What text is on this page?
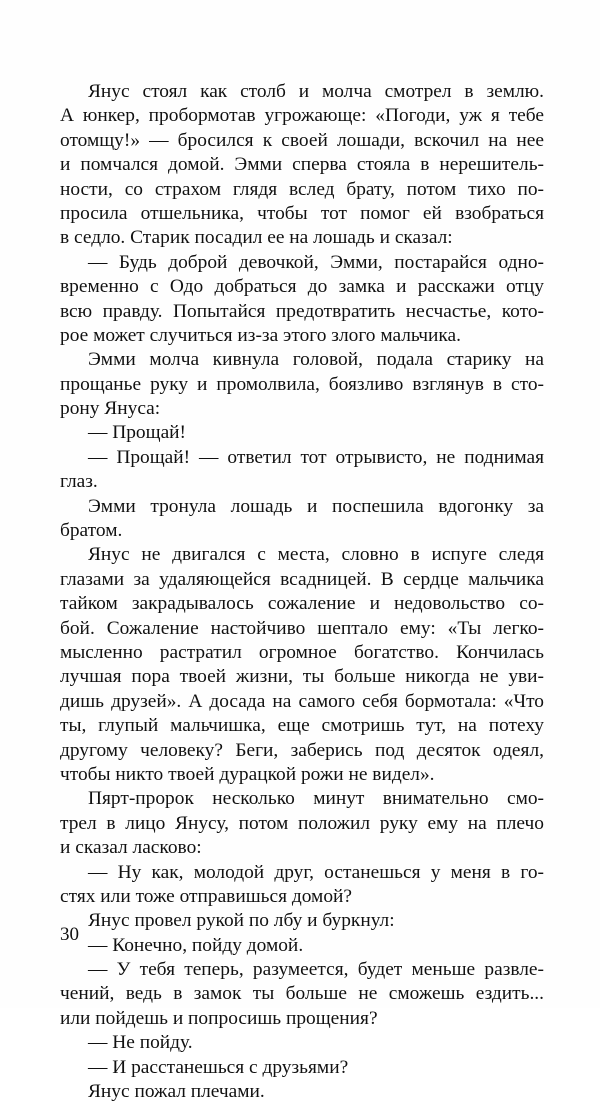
Янус стоял как столб и молча смотрел в землю.
А юнкер, пробормотав угрожающе: «Погоди, уж я тебе
отомщу!» — бросился к своей лошади, вскочил на нее
и помчался домой. Эмми сперва стояла в нерешитель-
ности, со страхом глядя вслед брату, потом тихо по-
просила отшельника, чтобы тот помог ей взобраться
в седло. Старик посадил ее на лошадь и сказал:
— Будь доброй девочкой, Эмми, постарайся одно-
временно с Одо добраться до замка и расскажи отцу
всю правду. Попытайся предотвратить несчастье, кото-
рое может случиться из-за этого злого мальчика.
Эмми молча кивнула головой, подала старику на
прощанье руку и промолвила, боязливо взглянув в сто-
рону Януса:
— Прощай!
— Прощай! — ответил тот отрывисто, не поднимая
глаз.
Эмми тронула лошадь и поспешила вдогонку за
братом.
Янус не двигался с места, словно в испуге следя
глазами за удаляющейся всадницей. В сердце мальчика
тайком закрадывалось сожаление и недовольство со-
бой. Сожаление настойчиво шептало ему: «Ты легко-
мысленно растратил огромное богатство. Кончилась
лучшая пора твоей жизни, ты больше никогда не уви-
дишь друзей». А досада на самого себя бормотала: «Что
ты, глупый мальчишка, еще смотришь тут, на потеху
другому человеку? Беги, заберись под десяток одеял,
чтобы никто твоей дурацкой рожи не видел».
Пярт-пророк несколько минут внимательно смо-
трел в лицо Янусу, потом положил руку ему на плечо
и сказал ласково:
— Ну как, молодой друг, останешься у меня в го-
стях или тоже отправишься домой?
Янус провел рукой по лбу и буркнул:
— Конечно, пойду домой.
— У тебя теперь, разумеется, будет меньше развле-
чений, ведь в замок ты больше не сможешь ездить...
или пойдешь и попросишь прощения?
— Не пойду.
— И расстанешься с друзьями?
Янус пожал плечами.
30
